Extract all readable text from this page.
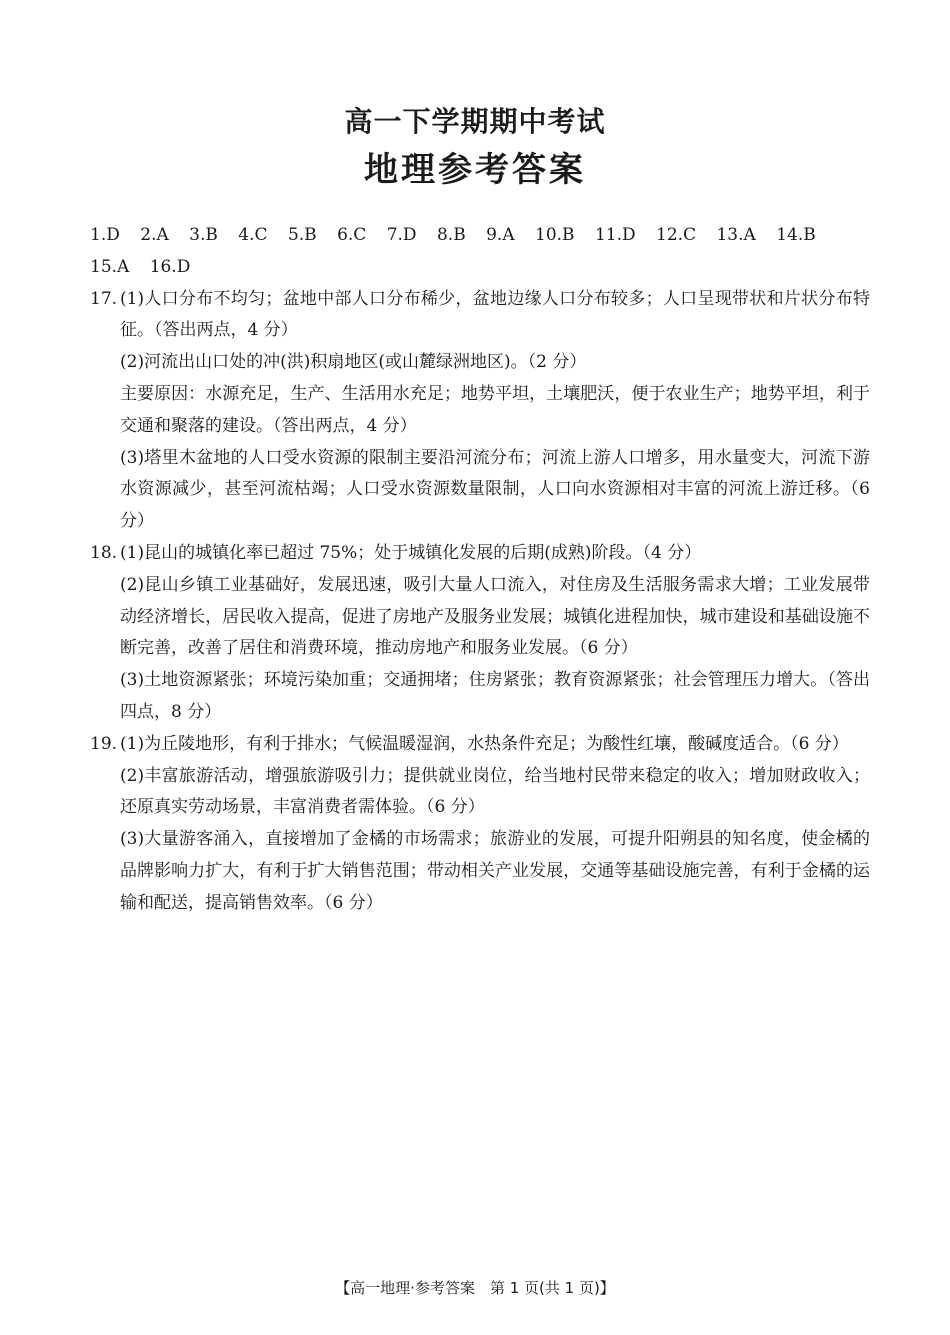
高一下学期期中考试
地理参考答案
1.D 2.A 3.B 4.C 5.B 6.C 7.D 8.B 9.A 10.B 11.D 12.C 13.A 14.B
15.A 16.D
17. (1)人口分布不均匀；盆地中部人口分布稀少，盆地边缘人口分布较多；人口呈现带状和片状分布特征。（答出两点，4 分）
(2)河流出山口处的冲(洪)积扇地区(或山麓绿洲地区)。（2 分）
主要原因：水源充足，生产、生活用水充足；地势平坦，土壤肥沃，便于农业生产；地势平坦，利于交通和聚落的建设。（答出两点，4 分）
(3)塔里木盆地的人口受水资源的限制主要沿河流分布；河流上游人口增多，用水量变大，河流下游水资源减少，甚至河流枯竭；人口受水资源数量限制，人口向水资源相对丰富的河流上游迁移。（6 分）
18. (1)昆山的城镇化率已超过 75%；处于城镇化发展的后期(成熟)阶段。（4 分）
(2)昆山乡镇工业基础好，发展迅速，吸引大量人口流入，对住房及生活服务需求大增；工业发展带动经济增长，居民收入提高，促进了房地产及服务业发展；城镇化进程加快，城市建设和基础设施不断完善，改善了居住和消费环境，推动房地产和服务业发展。（6 分）
(3)土地资源紧张；环境污染加重；交通拥堵；住房紧张；教育资源紧张；社会管理压力增大。（答出四点，8 分）
19. (1)为丘陵地形，有利于排水；气候温暖湿润，水热条件充足；为酸性红壤，酸碱度适合。（6 分）
(2)丰富旅游活动，增强旅游吸引力；提供就业岗位，给当地村民带来稳定的收入；增加财政收入；还原真实劳动场景，丰富消费者需体验。（6 分）
(3)大量游客涌入，直接增加了金橘的市场需求；旅游业的发展，可提升阳朔县的知名度，使金橘的品牌影响力扩大，有利于扩大销售范围；带动相关产业发展，交通等基础设施完善，有利于金橘的运输和配送，提高销售效率。（6 分）
【高一地理·参考答案　第 1 页(共 1 页)】
